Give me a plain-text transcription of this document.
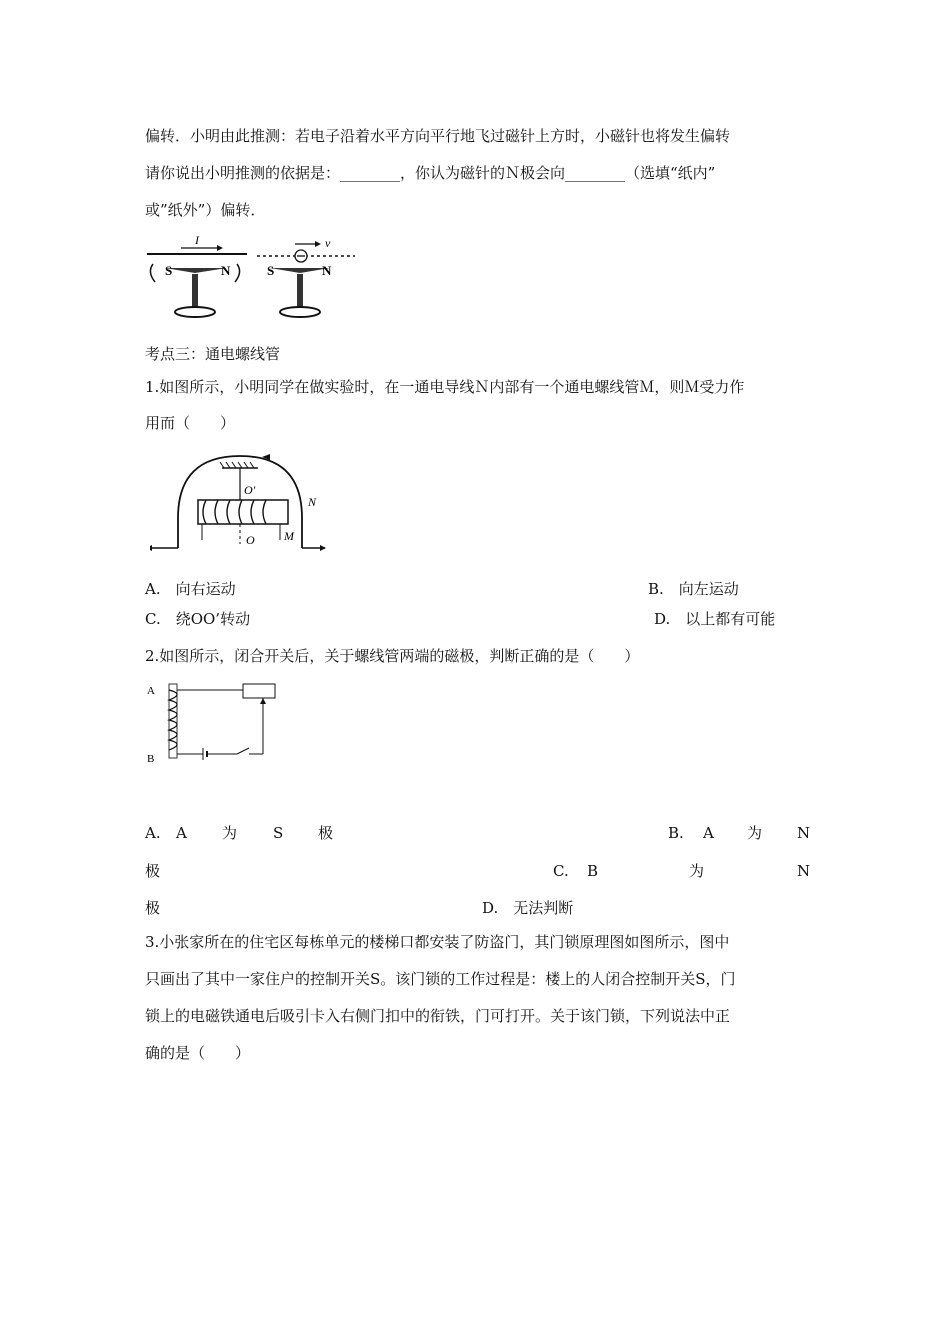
偏转．小明由此推测：若电子沿着水平方向平行地飞过磁针上方时，小磁针也将发生偏转
请你说出小明推测的依据是：________，你认为磁针的Ｎ极会向________（选填“纸内”
或”纸外”）偏转．
I
S	N
v
S	N
考点三：通电螺线管
1.如图所示，小明同学在做实验时，在一通电导线Ｎ内部有一个通电螺线管Ｍ，则Ｍ受力作
用而（　　）
O'
O M
N
A.　向右运动	B.　向左运动
C.　绕OO’转动	D.　以上都有可能
2.如图所示，闭合开关后，关于螺线管两端的磁极，判断正确的是（　　）
A
B
A. A 为 S 极	B. A 为 N
极	C. B	为	N
极	D.　无法判断
3.小张家所在的住宅区每栋单元的楼梯口都安装了防盗门，其门锁原理图如图所示，图中
只画出了其中一家住户的控制开关S。该门锁的工作过程是：楼上的人闭合控制开关S，门
锁上的电磁铁通电后吸引卡入右侧门扣中的衔铁，门可打开。关于该门锁，下列说法中正
确的是（　　）
